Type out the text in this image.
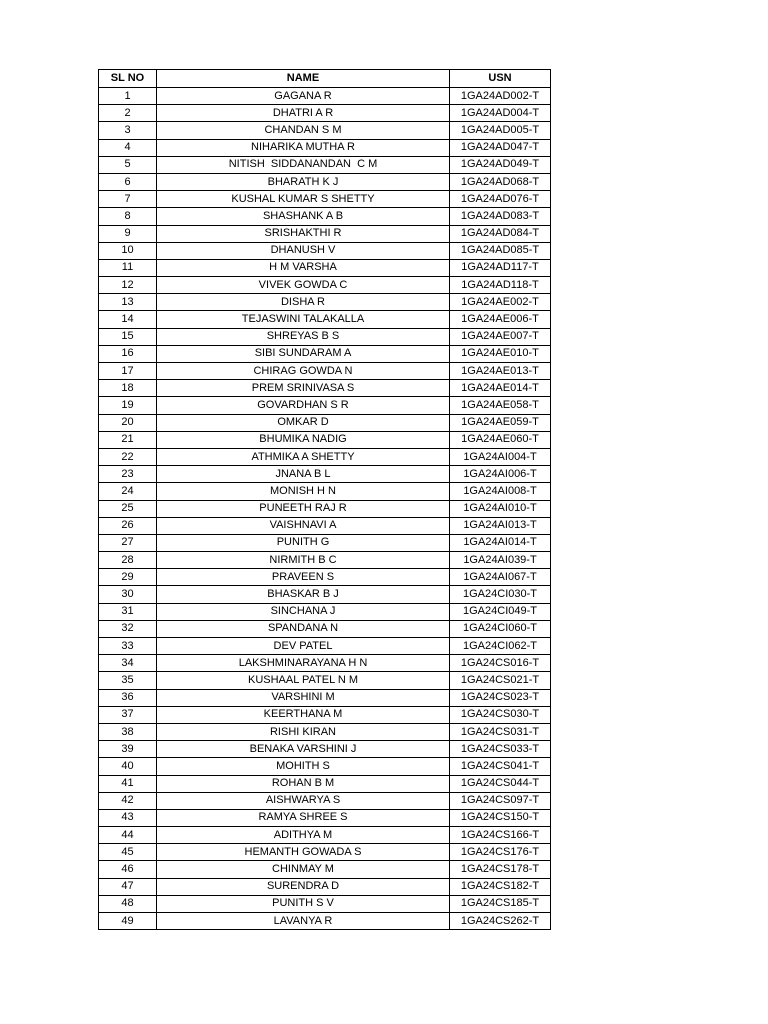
SL NO	NAME	USN
1	GAGANA R	1GA24AD002-T
2	DHATRI A R	1GA24AD004-T
3	CHANDAN S M	1GA24AD005-T
4	NIHARIKA MUTHA R	1GA24AD047-T
5	NITISH  SIDDANANDAN  C M	1GA24AD049-T
6	BHARATH K J	1GA24AD068-T
7	KUSHAL KUMAR S SHETTY	1GA24AD076-T
8	SHASHANK A B	1GA24AD083-T
9	SRISHAKTHI R	1GA24AD084-T
10	DHANUSH V	1GA24AD085-T
11	H M VARSHA	1GA24AD117-T
12	VIVEK GOWDA C	1GA24AD118-T
13	DISHA R	1GA24AE002-T
14	TEJASWINI TALAKALLA	1GA24AE006-T
15	SHREYAS B S	1GA24AE007-T
16	SIBI SUNDARAM A	1GA24AE010-T
17	CHIRAG GOWDA N	1GA24AE013-T
18	PREM SRINIVASA S	1GA24AE014-T
19	GOVARDHAN S R	1GA24AE058-T
20	OMKAR D	1GA24AE059-T
21	BHUMIKA NADIG	1GA24AE060-T
22	ATHMIKA A SHETTY	1GA24AI004-T
23	JNANA B L	1GA24AI006-T
24	MONISH H N	1GA24AI008-T
25	PUNEETH RAJ R	1GA24AI010-T
26	VAISHNAVI A	1GA24AI013-T
27	PUNITH G	1GA24AI014-T
28	NIRMITH B C	1GA24AI039-T
29	PRAVEEN S	1GA24AI067-T
30	BHASKAR B J	1GA24CI030-T
31	SINCHANA J	1GA24CI049-T
32	SPANDANA N	1GA24CI060-T
33	DEV PATEL	1GA24CI062-T
34	LAKSHMINARAYANA H N	1GA24CS016-T
35	KUSHAAL PATEL N M	1GA24CS021-T
36	VARSHINI M	1GA24CS023-T
37	KEERTHANA M	1GA24CS030-T
38	RISHI KIRAN	1GA24CS031-T
39	BENAKA VARSHINI J	1GA24CS033-T
40	MOHITH S	1GA24CS041-T
41	ROHAN B M	1GA24CS044-T
42	AISHWARYA S	1GA24CS097-T
43	RAMYA SHREE S	1GA24CS150-T
44	ADITHYA M	1GA24CS166-T
45	HEMANTH GOWADA S	1GA24CS176-T
46	CHINMAY M	1GA24CS178-T
47	SURENDRA D	1GA24CS182-T
48	PUNITH S V	1GA24CS185-T
49	LAVANYA R	1GA24CS262-T
